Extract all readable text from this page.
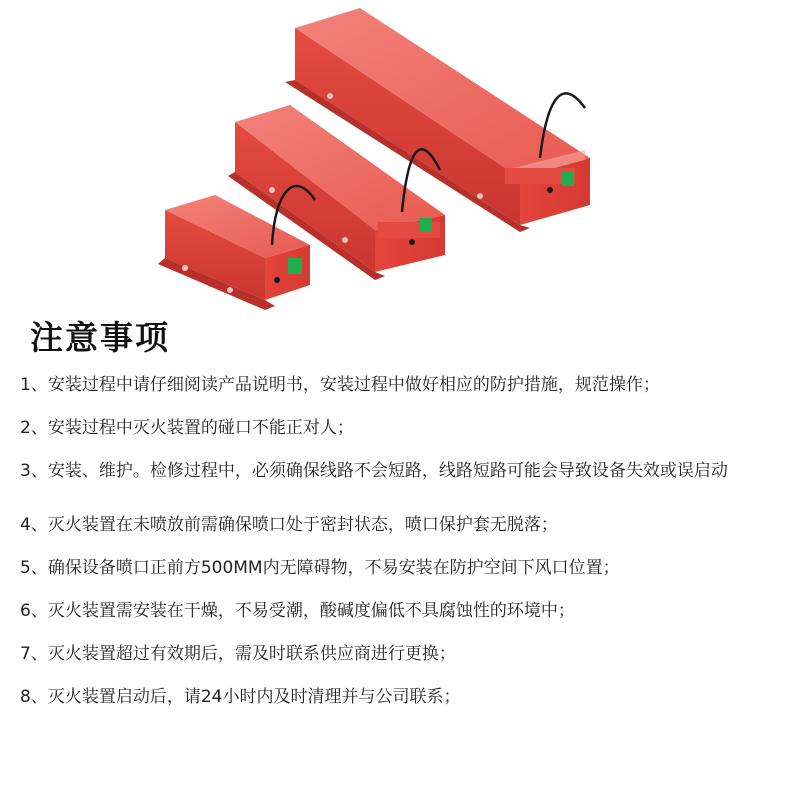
注意事项
1、安装过程中请仔细阅读产品说明书，安装过程中做好相应的防护措施，规范操作；
2、安装过程中灭火装置的碰口不能正对人；
3、安装、维护。检修过程中，必须确保线路不会短路，线路短路可能会导致设备失效或误启动
4、灭火装置在未喷放前需确保喷口处于密封状态，喷口保护套无脱落；
5、确保设备喷口正前方500MM内无障碍物，不易安装在防护空间下风口位置；
6、灭火装置需安装在干燥，不易受潮，酸碱度偏低不具腐蚀性的环境中；
7、灭火装置超过有效期后，需及时联系供应商进行更换；
8、灭火装置启动后，请24小时内及时清理并与公司联系；
